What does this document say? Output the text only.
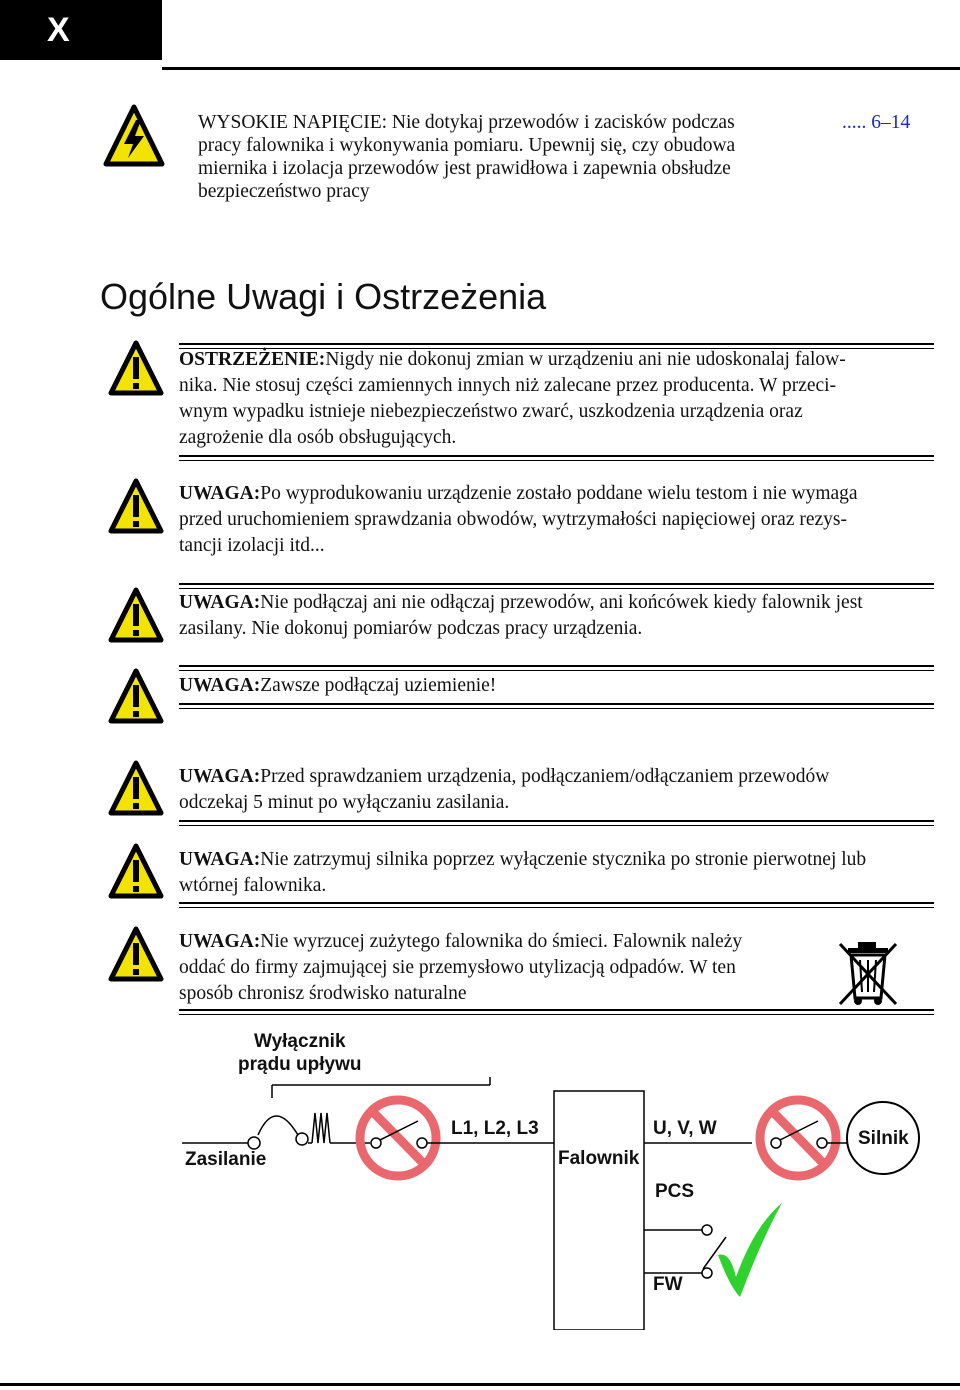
X
WYSOKIE NAPIĘCIE: Nie dotykaj przewodów i zacisków podczas
pracy falownika i wykonywania pomiaru. Upewnij się, czy obudowa
miernika i izolacja przewodów jest prawidłowa i zapewnia obsłudze
bezpieczeństwo pracy
..... 6–14
Ogólne Uwagi i Ostrzeżenia
OSTRZEŻENIE:Nigdy nie dokonuj zmian w urządzeniu ani nie udoskonalaj falow-
nika. Nie stosuj części zamiennych innych niż zalecane przez producenta. W przeci-
wnym wypadku istnieje niebezpieczeństwo zwarć, uszkodzenia urządzenia oraz
zagrożenie dla osób obsługujących.
UWAGA:Po wyprodukowaniu urządzenie zostało poddane wielu testom i nie wymaga
przed uruchomieniem sprawdzania obwodów, wytrzymałości napięciowej oraz rezys-
tancji izolacji itd...
UWAGA:Nie podłączaj ani nie odłączaj przewodów, ani końcówek kiedy falownik jest
zasilany. Nie dokonuj pomiarów podczas pracy urządzenia.
UWAGA:Zawsze podłączaj uziemienie!
UWAGA:Przed sprawdzaniem urządzenia, podłączaniem/odłączaniem przewodów
odczekaj 5 minut po wyłączaniu zasilania.
UWAGA:Nie zatrzymuj silnika poprzez wyłączenie stycznika po stronie pierwotnej lub
wtórnej falownika.
UWAGA:Nie wyrzucej zużytego falownika do śmieci. Falownik należy
oddać do firmy zajmującej sie przemysłowo utylizacją odpadów. W ten
sposób chronisz środwisko naturalne
Wyłącznik
prądu upływu
Zasilanie
L1, L2, L3
Falownik
U, V, W	Silnik
PCS
FW
